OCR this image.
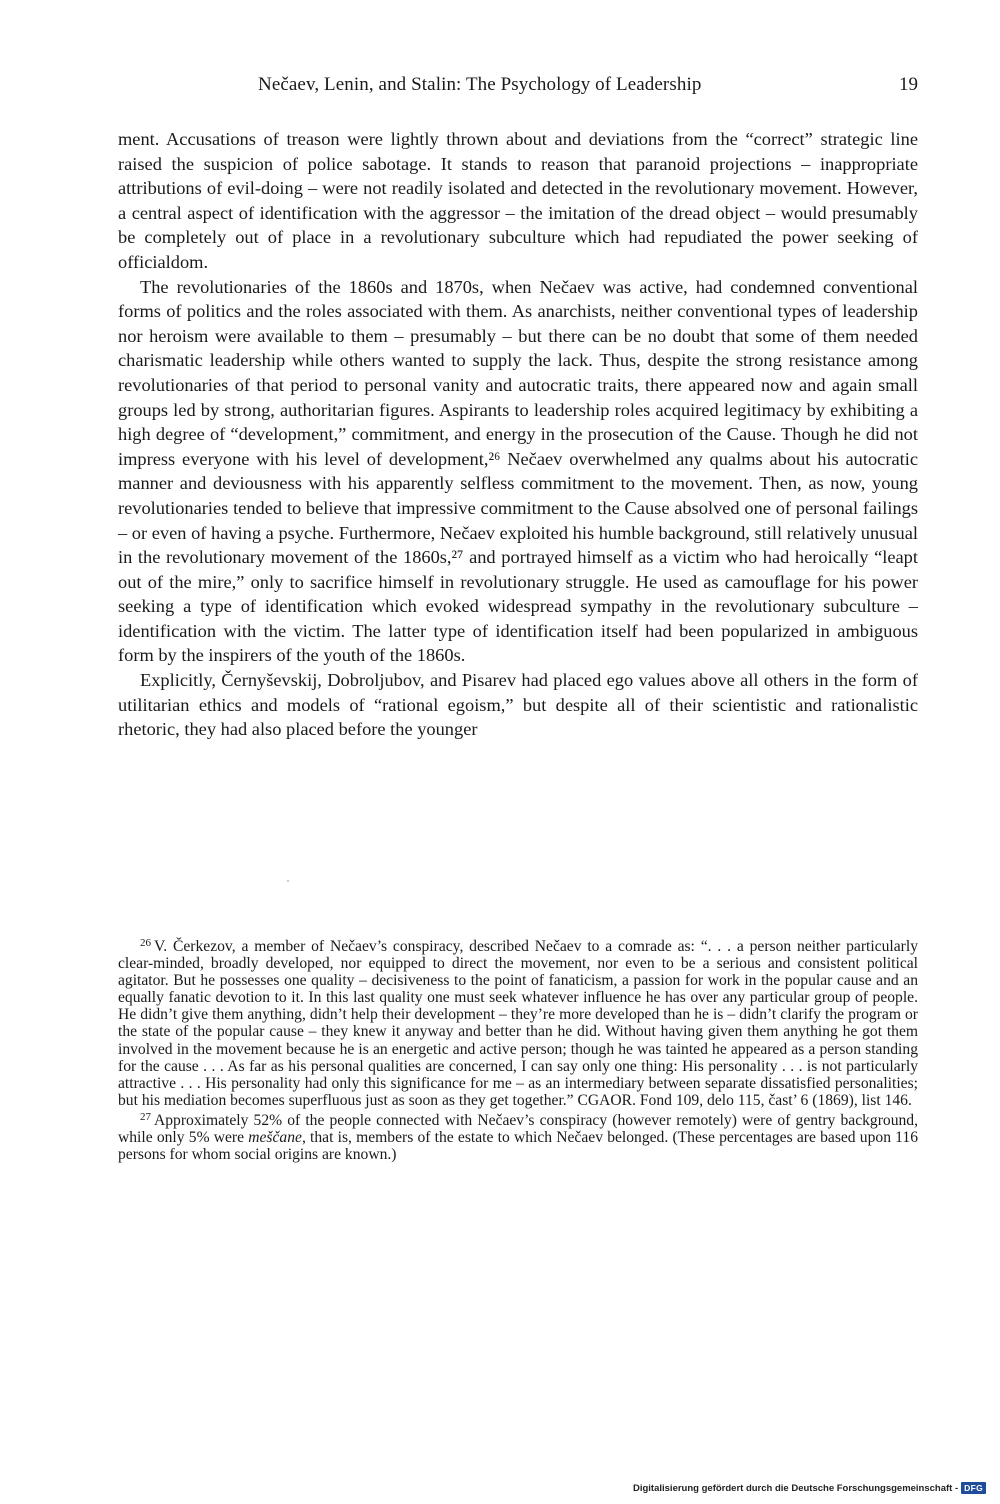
Nečaev, Lenin, and Stalin: The Psychology of Leadership	19

ment. Accusations of treason were lightly thrown about and deviations from the “correct” strategic line raised the suspicion of police sabotage. It stands to reason that paranoid projections – inappropriate attributions of evil-doing – were not readily isolated and detected in the revolutionary movement. However, a central aspect of identification with the aggressor – the imitation of the dread object – would presumably be completely out of place in a revolutionary subculture which had repudiated the power seeking of officialdom.

The revolutionaries of the 1860s and 1870s, when Nečaev was active, had condemned conventional forms of politics and the roles associated with them. As anarchists, neither conventional types of leadership nor heroism were available to them – presumably – but there can be no doubt that some of them needed charismatic leadership while others wanted to supply the lack. Thus, despite the strong resistance among revolutionaries of that period to personal vanity and autocratic traits, there appeared now and again small groups led by strong, authoritarian figures. Aspirants to leadership roles acquired legitimacy by exhibiting a high degree of “development,” commitment, and energy in the prosecution of the Cause. Though he did not impress everyone with his level of development,²⁶ Nečaev overwhelmed any qualms about his autocratic manner and deviousness with his apparently selfless commitment to the movement. Then, as now, young revolutionaries tended to believe that impressive commitment to the Cause absolved one of personal failings – or even of having a psyche. Furthermore, Nečaev exploited his humble background, still relatively unusual in the revolutionary movement of the 1860s,²⁷ and portrayed himself as a victim who had heroically “leapt out of the mire,” only to sacrifice himself in revolutionary struggle. He used as camouflage for his power seeking a type of identification which evoked widespread sympathy in the revolutionary subculture – identification with the victim. The latter type of identification itself had been popularized in ambiguous form by the inspirers of the youth of the 1860s.

Explicitly, Černyševskij, Dobroljubov, and Pisarev had placed ego values above all others in the form of utilitarian ethics and models of “rational egoism,” but despite all of their scientistic and rationalistic rhetoric, they had also placed before the younger

$^{26}$ V. Čerkezov, a member of Nečaev’s conspiracy, described Nečaev to a comrade as: “. . . a person neither particularly clear-minded, broadly developed, nor equipped to direct the movement, nor even to be a serious and consistent political agitator. But he possesses one quality – decisiveness to the point of fanaticism, a passion for work in the popular cause and an equally fanatic devotion to it. In this last quality one must seek whatever influence he has over any particular group of people. He didn’t give them anything, didn’t help their development – they’re more developed than he is – didn’t clarify the program or the state of the popular cause – they knew it anyway and better than he did. Without having given them anything he got them involved in the movement because he is an energetic and active person; though he was tainted he appeared as a person standing for the cause . . . As far as his personal qualities are concerned, I can say only one thing: His personality . . . is not particularly attractive . . . His personality had only this significance for me – as an intermediary between separate dissatisfied personalities; but his mediation becomes superfluous just as soon as they get together.” CGAOR. Fond 109, delo 115, čast’ 6 (1869), list 146.

$^{27}$ Approximately 52% of the people connected with Nečaev’s conspiracy (however remotely) were of gentry background, while only 5% were meščane, that is, members of the estate to which Nečaev belonged. (These percentages are based upon 116 persons for whom social origins are known.)

Digitalisierung gefördert durch die Deutsche Forschungsgemeinschaft - DFG
